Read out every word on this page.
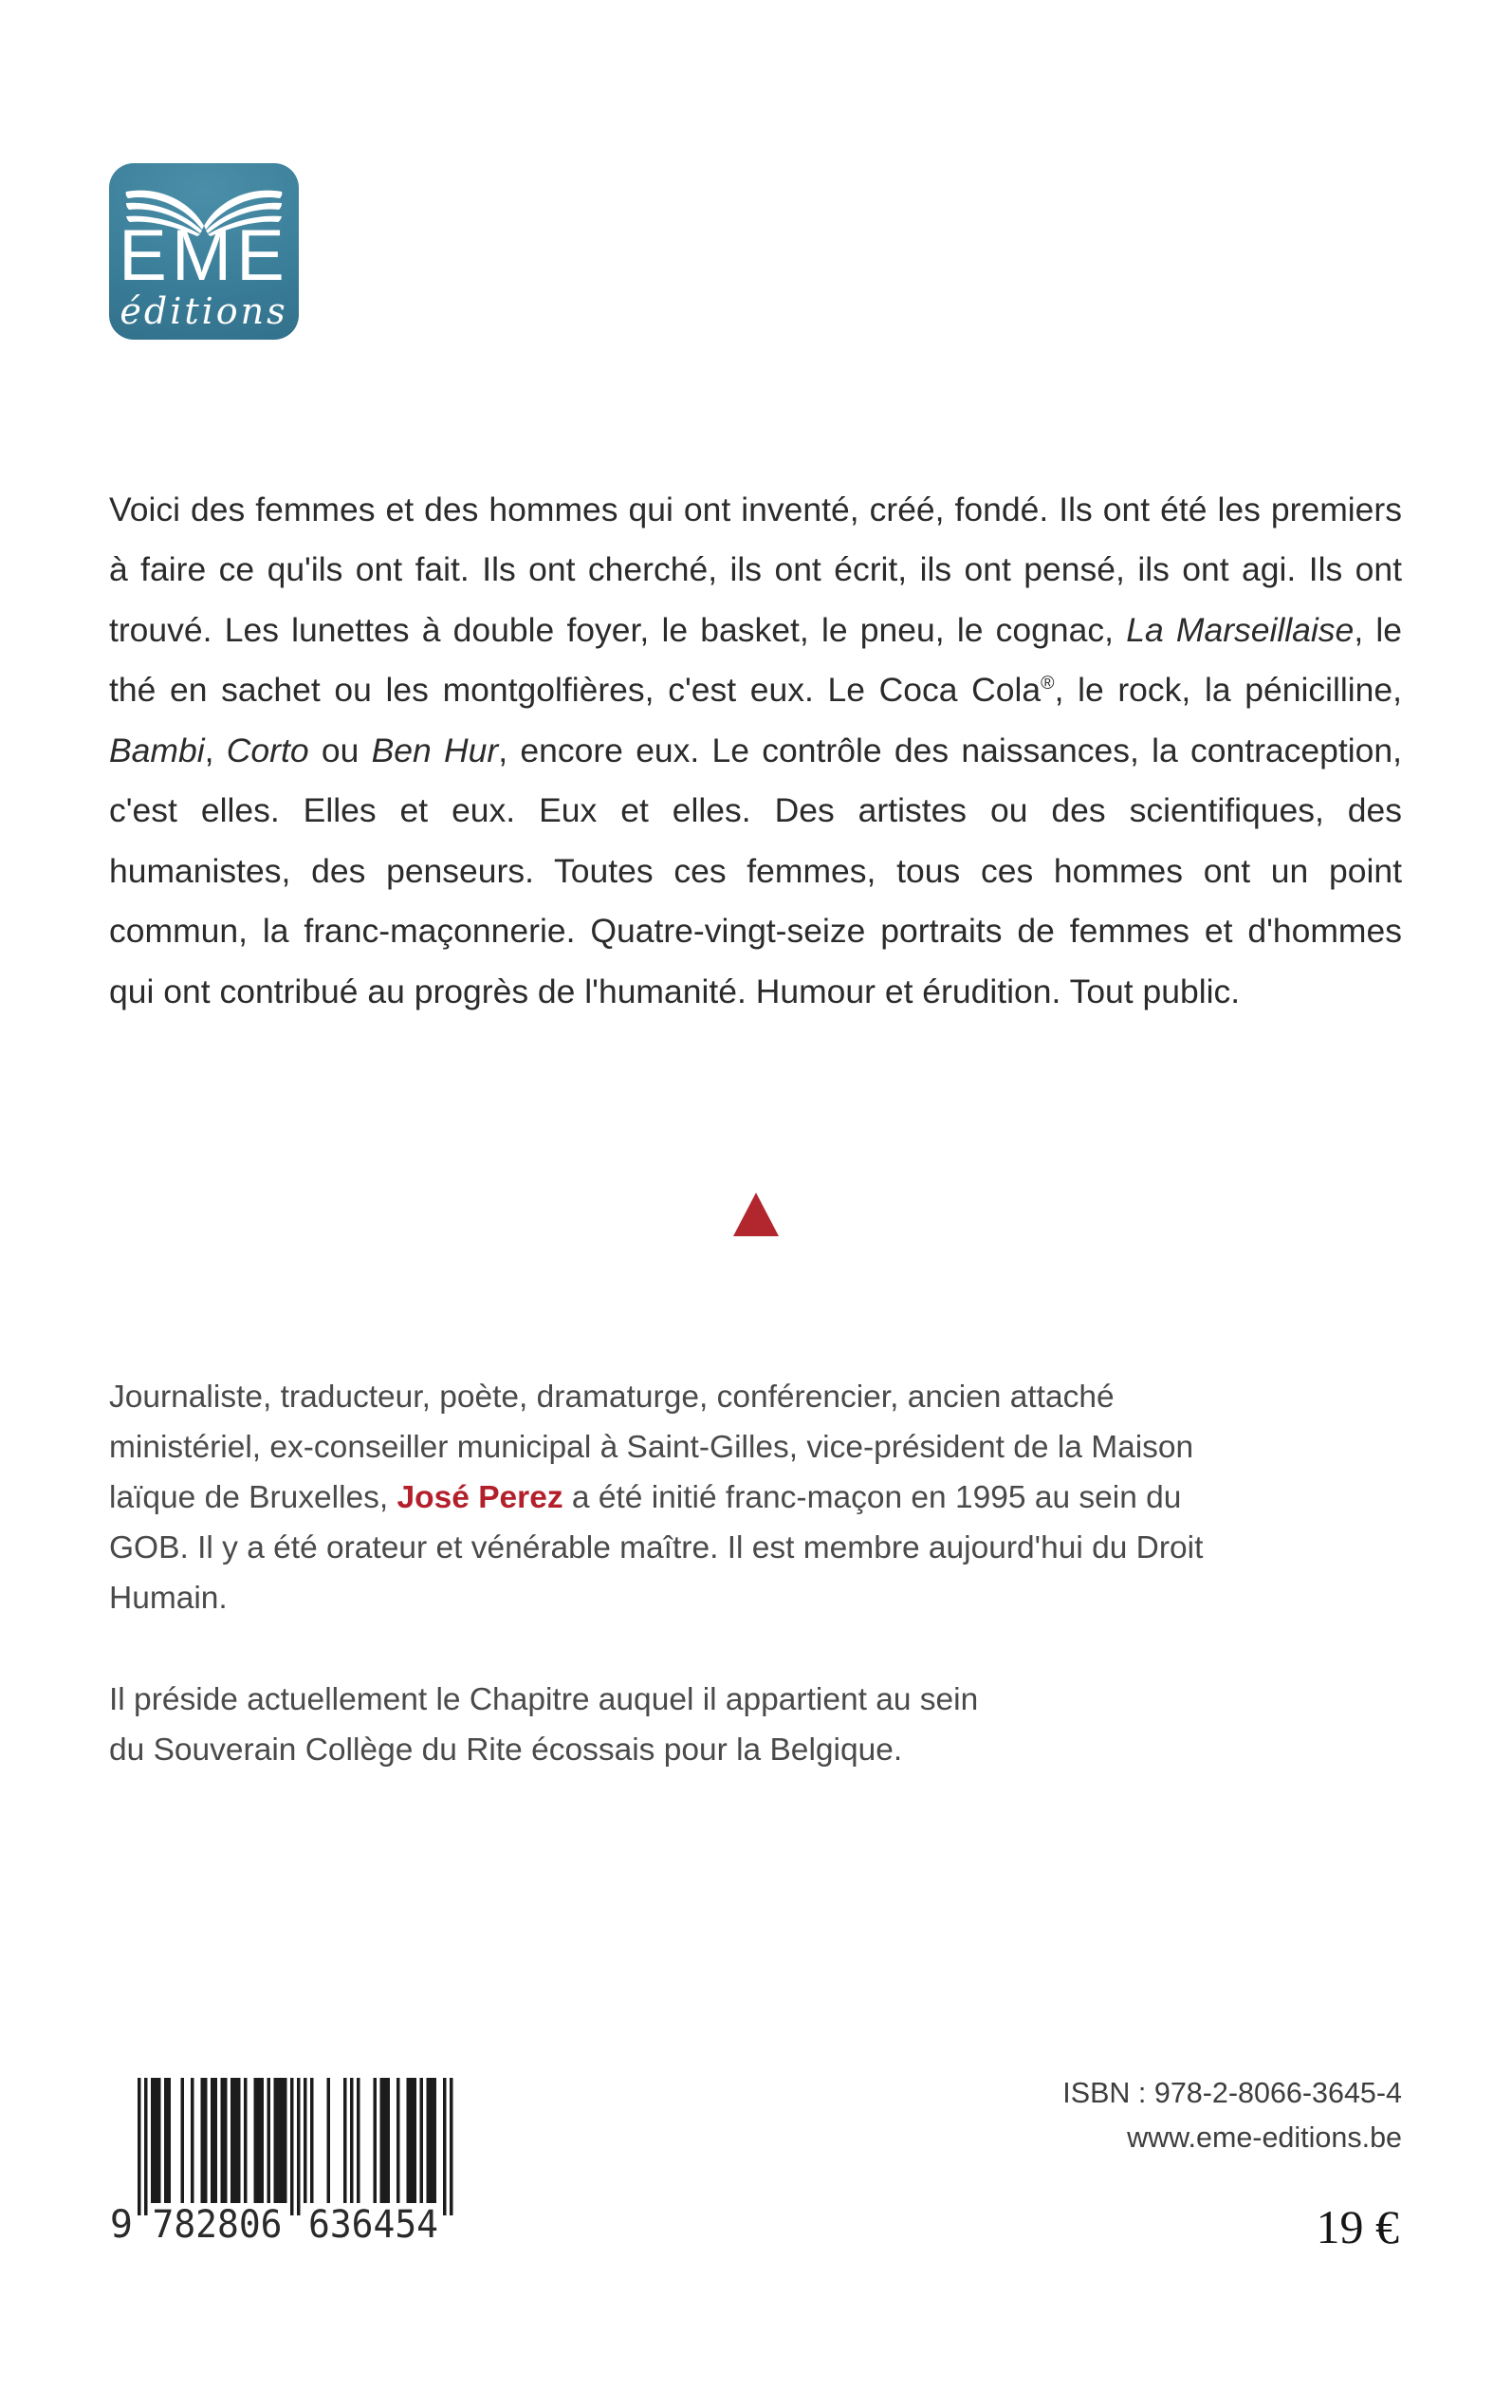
EME
éditions

Voici des femmes et des hommes qui ont inventé, créé, fondé. Ils ont été les premiers à faire ce qu'ils ont fait. Ils ont cherché, ils ont écrit, ils ont pensé, ils ont agi. Ils ont trouvé. Les lunettes à double foyer, le basket, le pneu, le cognac, La Marseillaise, le thé en sachet ou les montgolfières, c'est eux. Le Coca Cola®, le rock, la pénicilline, Bambi, Corto ou Ben Hur, encore eux. Le contrôle des naissances, la contraception, c'est elles. Elles et eux. Eux et elles. Des artistes ou des scientifiques, des humanistes, des penseurs. Toutes ces femmes, tous ces hommes ont un point commun, la franc-maçonnerie. Quatre-vingt-seize portraits de femmes et d'hommes qui ont contribué au progrès de l'humanité. Humour et érudition. Tout public.

Journaliste, traducteur, poète, dramaturge, conférencier, ancien attaché ministériel, ex-conseiller municipal à Saint-Gilles, vice-président de la Maison laïque de Bruxelles, José Perez a été initié franc-maçon en 1995 au sein du GOB. Il y a été orateur et vénérable maître. Il est membre aujourd'hui du Droit Humain.

Il préside actuellement le Chapitre auquel il appartient au sein
du Souverain Collège du Rite écossais pour la Belgique.

9 782806 636454
ISBN : 978-2-8066-3645-4
www.eme-editions.be
19 €
